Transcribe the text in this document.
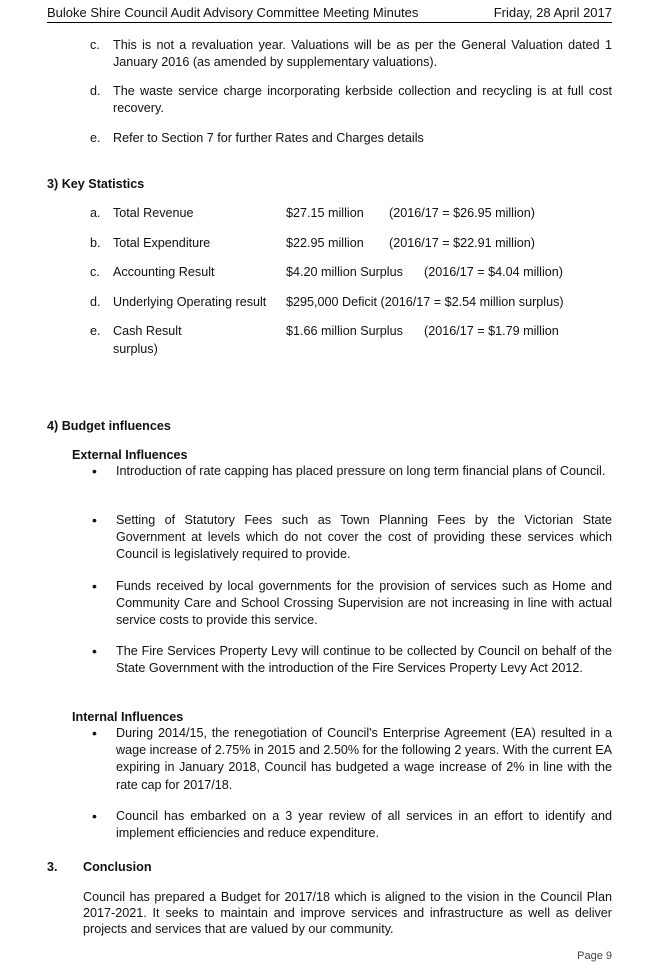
Buloke Shire Council Audit Advisory Committee Meeting Minutes	Friday, 28 April 2017
c.	This is not a revaluation year. Valuations will be as per the General Valuation dated 1 January 2016 (as amended by supplementary valuations).
d. The waste service charge incorporating kerbside collection and recycling is at full cost recovery.
e. Refer to Section 7 for further Rates and Charges details
3) Key Statistics
a. Total Revenue	$27.15 million (2016/17 = $26.95 million)
b. Total Expenditure	$22.95 million (2016/17 = $22.91 million)
c. Accounting Result	$4.20 million Surplus (2016/17 = $4.04 million)
d. Underlying Operating result $295,000 Deficit (2016/17 = $2.54 million surplus)
e. Cash Result	$1.66 million Surplus (2016/17 = $1.79 million
surplus)
4) Budget influences
External Influences
• Introduction of rate capping has placed pressure on long term financial plans of Council.
• Setting of Statutory Fees such as Town Planning Fees by the Victorian State Government at levels which do not cover the cost of providing these services which Council is legislatively required to provide.
• Funds received by local governments for the provision of services such as Home and Community Care and School Crossing Supervision are not increasing in line with actual service costs to provide this service.
• The Fire Services Property Levy will continue to be collected by Council on behalf of the State Government with the introduction of the Fire Services Property Levy Act 2012.
Internal Influences
• During 2014/15, the renegotiation of Council's Enterprise Agreement (EA) resulted in a wage increase of 2.75% in 2015 and 2.50% for the following 2 years. With the current EA expiring in January 2018, Council has budgeted a wage increase of 2% in line with the rate cap for 2017/18.
• Council has embarked on a 3 year review of all services in an effort to identify and implement efficiencies and reduce expenditure.
3. Conclusion
Council has prepared a Budget for 2017/18 which is aligned to the vision in the Council Plan 2017-2021. It seeks to maintain and improve services and infrastructure as well as deliver projects and services that are valued by our community.
Page 9
